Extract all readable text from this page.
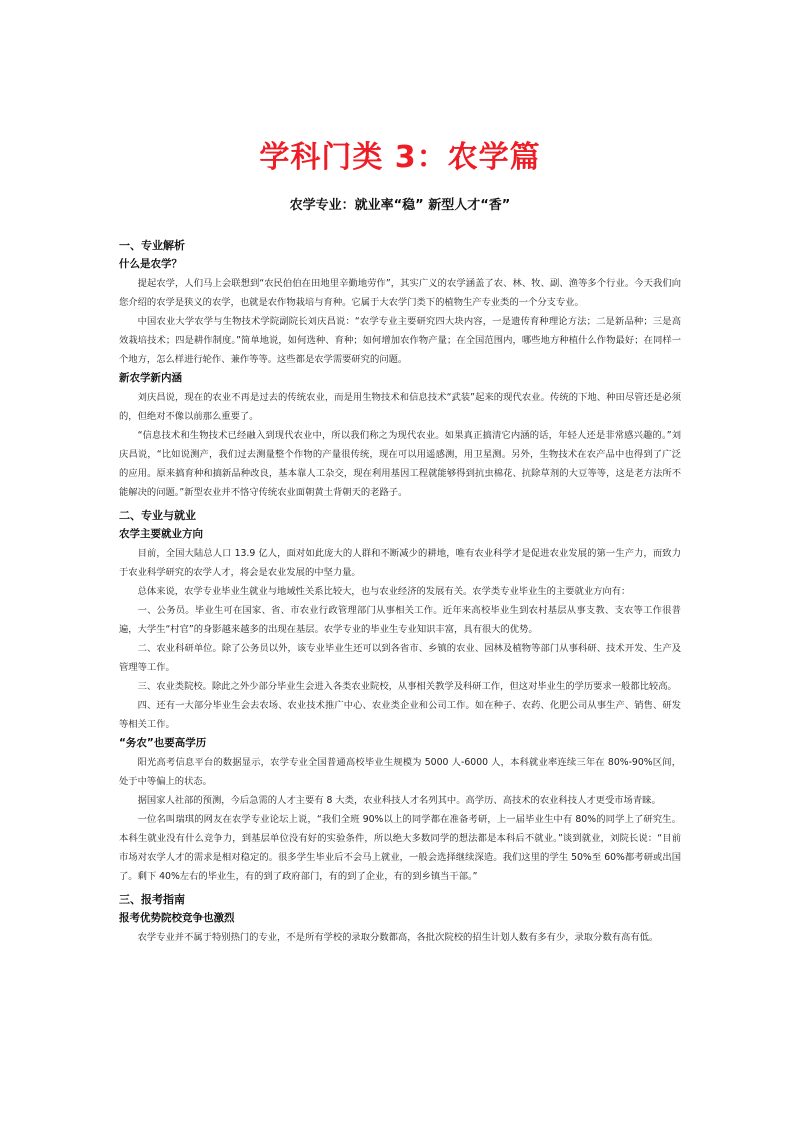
学科门类 3：农学篇
农学专业：就业率“稳” 新型人才“香”
一、专业解析
什么是农学？

提起农学，人们马上会联想到“农民伯伯在田地里辛勤地劳作”，其实广义的农学涵盖了农、林、牧、副、渔等多个行业。今天我们向您介绍的农学是狭义的农学，也就是农作物栽培与育种。它属于大农学门类下的植物生产专业类的一个分支专业。

中国农业大学农学与生物技术学院副院长刘庆昌说：“农学专业主要研究四大块内容，一是遗传育种理论方法；二是新品种；三是高效栽培技术；四是耕作制度。”简单地说，如何选种、育种；如何增加农作物产量；在全国范围内，哪些地方种植什么作物最好；在同样一个地方，怎么样进行轮作、兼作等等。这些都是农学需要研究的问题。

新农学新内涵

刘庆昌说，现在的农业不再是过去的传统农业，而是用生物技术和信息技术“武装”起来的现代农业。传统的下地、种田尽管还是必须的，但绝对不像以前那么重要了。

“信息技术和生物技术已经融入到现代农业中，所以我们称之为现代农业。如果真正搞清它内涵的话，年轻人还是非常感兴趣的。”刘庆昌说，“比如说测产，我们过去测量整个作物的产量很传统，现在可以用遥感测，用卫星测。另外，生物技术在农产品中也得到了广泛的应用。原来搞育种和搞新品种改良，基本靠人工杂交，现在利用基因工程就能够得到抗虫棉花、抗除草剂的大豆等等，这是老方法所不能解决的问题。”新型农业并不恪守传统农业面朝黄土背朝天的老路子。

二、专业与就业
农学主要就业方向

目前，全国大陆总人口 13.9 亿人，面对如此庞大的人群和不断减少的耕地，唯有农业科学才是促进农业发展的第一生产力，而致力于农业科学研究的农学人才，将会是农业发展的中坚力量。

总体来说，农学专业毕业生就业与地域性关系比较大，也与农业经济的发展有关。农学类专业毕业生的主要就业方向有：

一、公务员。毕业生可在国家、省、市农业行政管理部门从事相关工作。近年来高校毕业生到农村基层从事支教、支农等工作很普遍，大学生“村官”的身影越来越多的出现在基层。农学专业的毕业生专业知识丰富，具有很大的优势。

二、农业科研单位。除了公务员以外，该专业毕业生还可以到各省市、乡镇的农业、园林及植物等部门从事科研、技术开发、生产及管理等工作。

三、农业类院校。除此之外少部分毕业生会进入各类农业院校，从事相关教学及科研工作，但这对毕业生的学历要求一般都比较高。

四、还有一大部分毕业生会去农场、农业技术推广中心、农业类企业和公司工作。如在种子、农药、化肥公司从事生产、销售、研发等相关工作。

“务农”也要高学历

阳光高考信息平台的数据显示，农学专业全国普通高校毕业生规模为 5000 人-6000 人，本科就业率连续三年在 80%-90%区间，处于中等偏上的状态。

据国家人社部的预测，今后急需的人才主要有 8 大类，农业科技人才名列其中。高学历、高技术的农业科技人才更受市场青睐。

一位名叫瑞琪的网友在农学专业论坛上说，“我们全班 90%以上的同学都在准备考研，上一届毕业生中有 80%的同学上了研究生。本科生就业没有什么竞争力，到基层单位没有好的实验条件，所以绝大多数同学的想法都是本科后不就业。”谈到就业，刘院长说：“目前市场对农学人才的需求是相对稳定的。很多学生毕业后不会马上就业，一般会选择继续深造。我们这里的学生 50%至 60%都考研或出国了。剩下 40%左右的毕业生，有的到了政府部门，有的到了企业，有的到乡镇当干部。”

三、报考指南
报考优势院校竞争也激烈

农学专业并不属于特别热门的专业，不是所有学校的录取分数都高，各批次院校的招生计划人数有多有少，录取分数有高有低。
